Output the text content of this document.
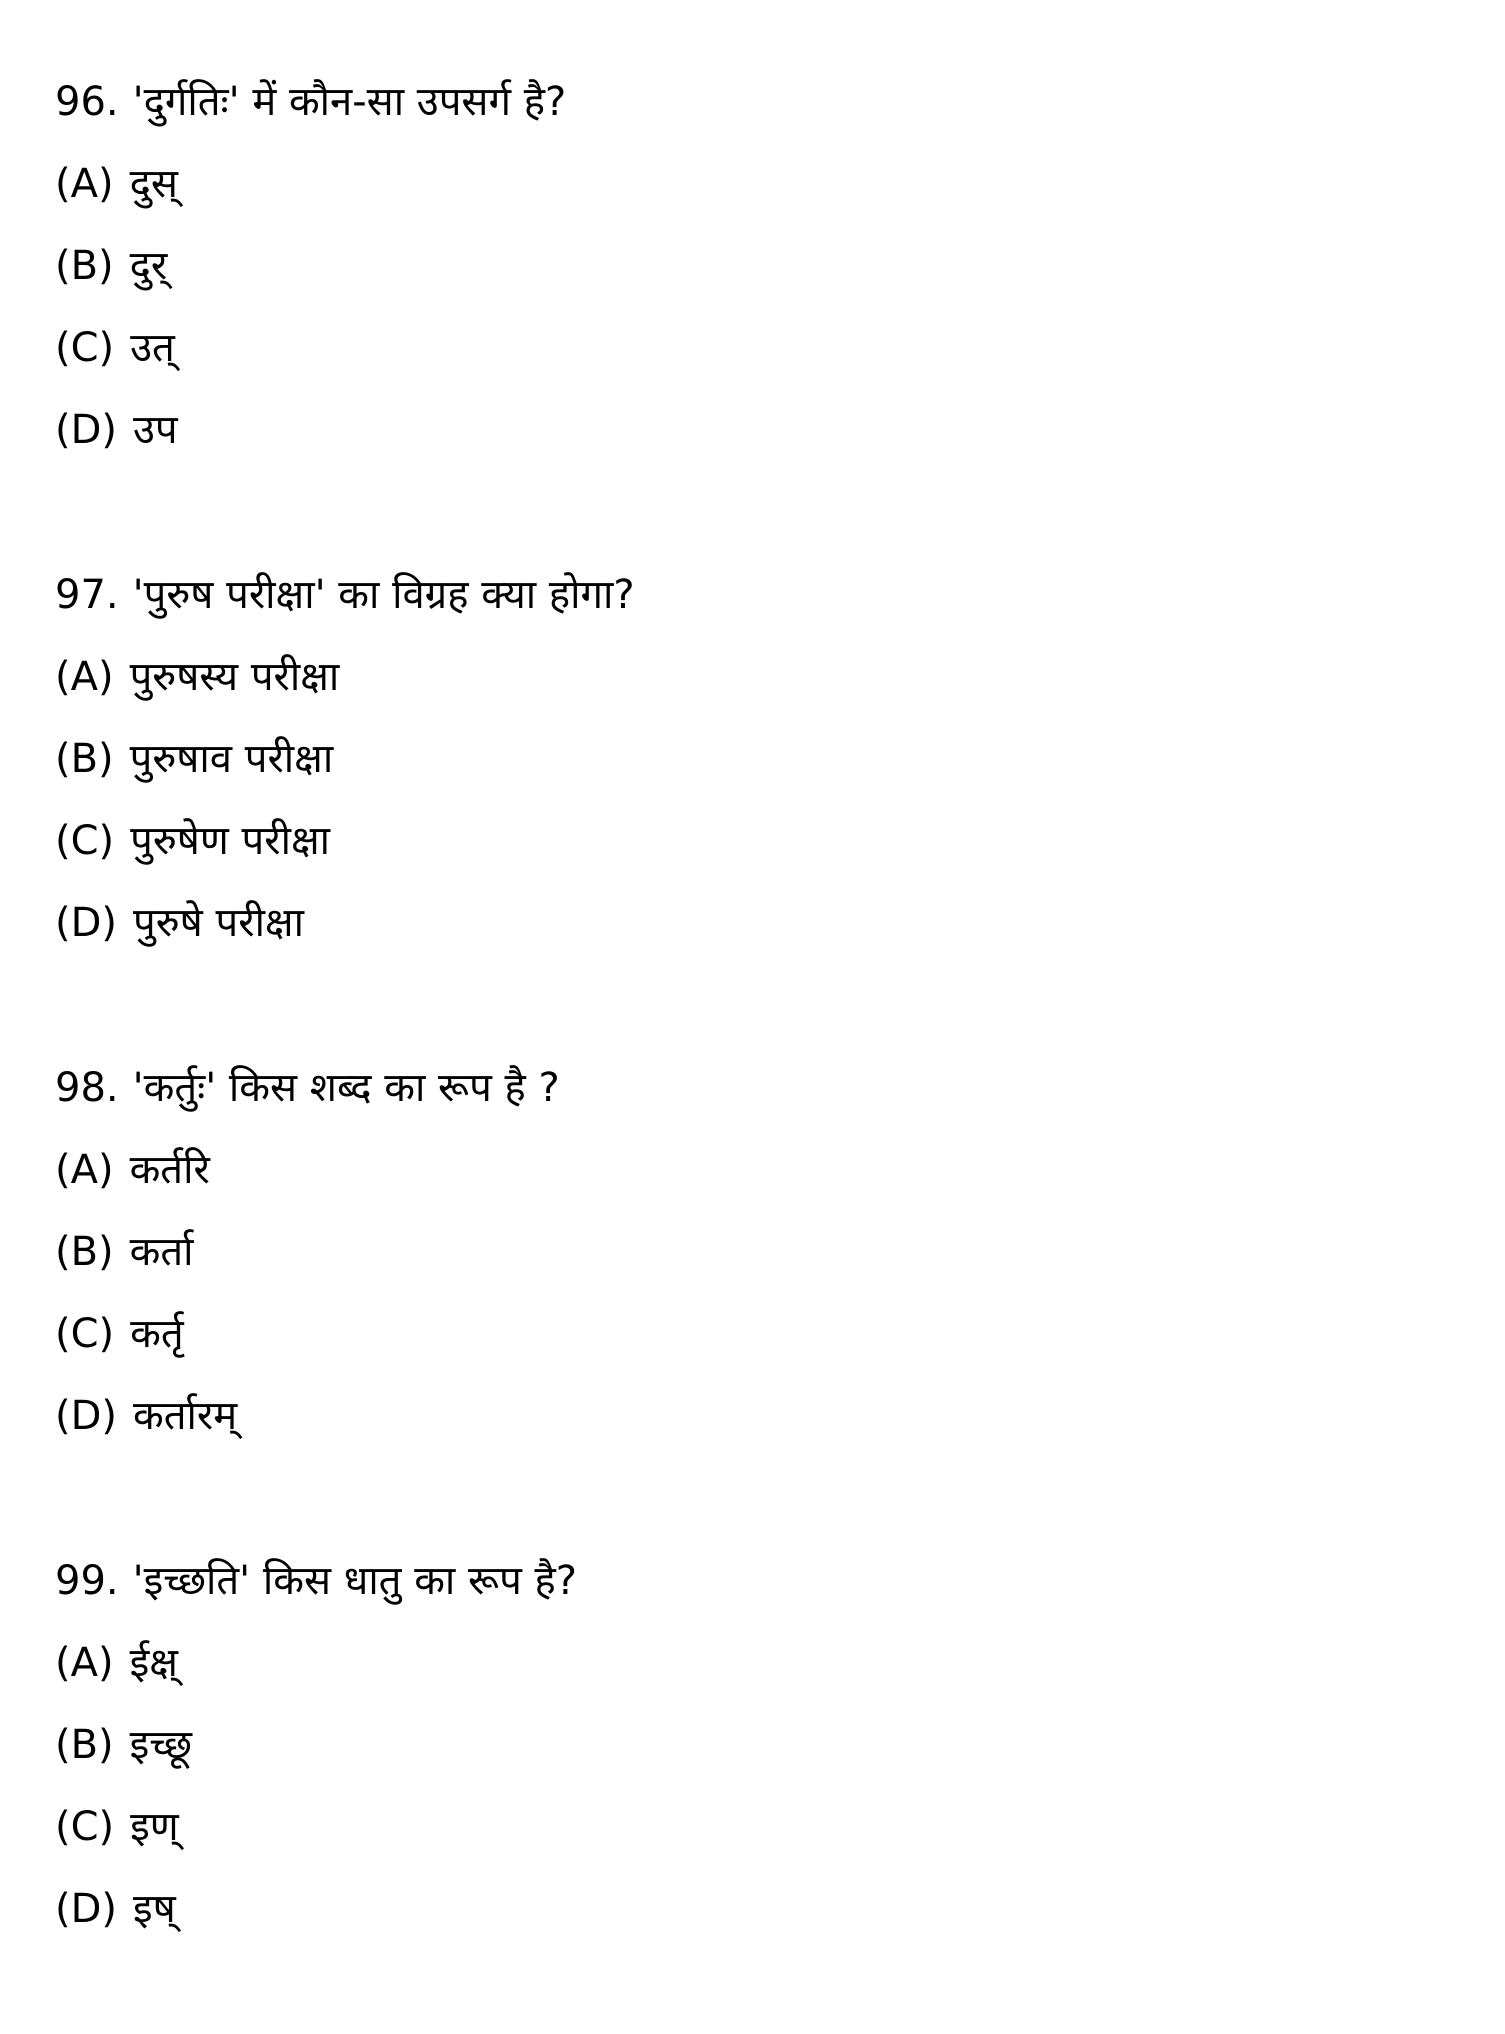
96. 'दुर्गतिः' में कौन-सा उपसर्ग है?
(A) दुस्
(B) दुर्
(C) उत्
(D) उप
97. 'पुरुष परीक्षा' का विग्रह क्या होगा?
(A) पुरुषस्य परीक्षा
(B) पुरुषाव परीक्षा
(C) पुरुषेण परीक्षा
(D) पुरुषे परीक्षा
98. 'कर्तुः' किस शब्द का रूप है ?
(A) कर्तरि
(B) कर्ता
(C) कर्तृ
(D) कर्तारम्
99. 'इच्छति' किस धातु का रूप है?
(A) ईक्ष्
(B) इच्छू
(C) इण्
(D) इष्
